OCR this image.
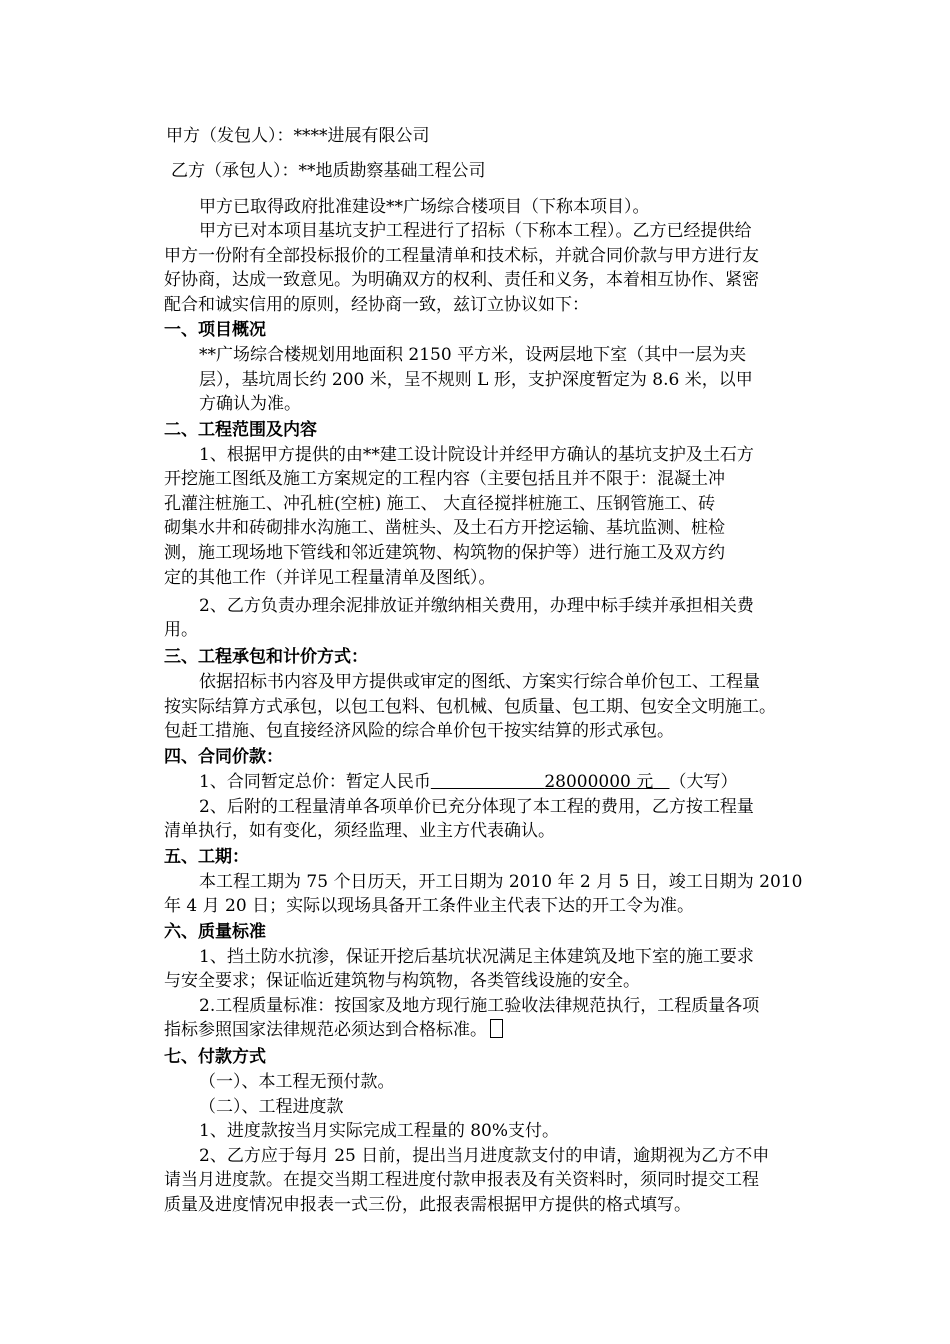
甲方（发包人）：****进展有限公司
乙方（承包人）：**地质勘察基础工程公司
甲方已取得政府批准建设**广场综合楼项目（下称本项目）。
甲方已对本项目基坑支护工程进行了招标（下称本工程）。乙方已经提供给
甲方一份附有全部投标报价的工程量清单和技术标，并就合同价款与甲方进行友
好协商，达成一致意见。为明确双方的权利、责任和义务，本着相互协作、紧密
配合和诚实信用的原则，经协商一致，兹订立协议如下：
一、项目概况
**广场综合楼规划用地面积 2150 平方米，设两层地下室（其中一层为夹
层），基坑周长约 200 米，呈不规则 L 形，支护深度暂定为 8.6 米，以甲
方确认为准。
二、工程范围及内容
1、根据甲方提供的由**建工设计院设计并经甲方确认的基坑支护及土石方
开挖施工图纸及施工方案规定的工程内容（主要包括且并不限于：混凝土冲
孔灌注桩施工、冲孔桩(空桩) 施工、 大直径搅拌桩施工、压钢管施工、砖
砌集水井和砖砌排水沟施工、凿桩头、及土石方开挖运输、基坑监测、桩检
测，施工现场地下管线和邻近建筑物、构筑物的保护等）进行施工及双方约
定的其他工作（并详见工程量清单及图纸）。
2、乙方负责办理余泥排放证并缴纳相关费用，办理中标手续并承担相关费
用。
三、工程承包和计价方式：
依据招标书内容及甲方提供或审定的图纸、方案实行综合单价包工、工程量
按实际结算方式承包，以包工包料、包机械、包质量、包工期、包安全文明施工。
包赶工措施、包直接经济风险的综合单价包干按实结算的形式承包。
四、合同价款：
1、合同暂定总价：暂定人民币	28000000 元 （大写）
2、后附的工程量清单各项单价已充分体现了本工程的费用，乙方按工程量
清单执行，如有变化，须经监理、业主方代表确认。
五、工期：
本工程工期为 75 个日历天，开工日期为 2010 年 2 月 5 日，竣工日期为 2010
年 4 月 20 日；实际以现场具备开工条件业主代表下达的开工令为准。
六、质量标准
1、挡土防水抗渗，保证开挖后基坑状况满足主体建筑及地下室的施工要求
与安全要求；保证临近建筑物与构筑物，各类管线设施的安全。
2.工程质量标准：按国家及地方现行施工验收法律规范执行，工程质量各项
指标参照国家法律规范必须达到合格标准。
七、付款方式
（一）、本工程无预付款。
（二）、工程进度款
1、进度款按当月实际完成工程量的 80%支付。
2、乙方应于每月 25 日前，提出当月进度款支付的申请，逾期视为乙方不申
请当月进度款。在提交当期工程进度付款申报表及有关资料时，须同时提交工程
质量及进度情况申报表一式三份，此报表需根据甲方提供的格式填写。
